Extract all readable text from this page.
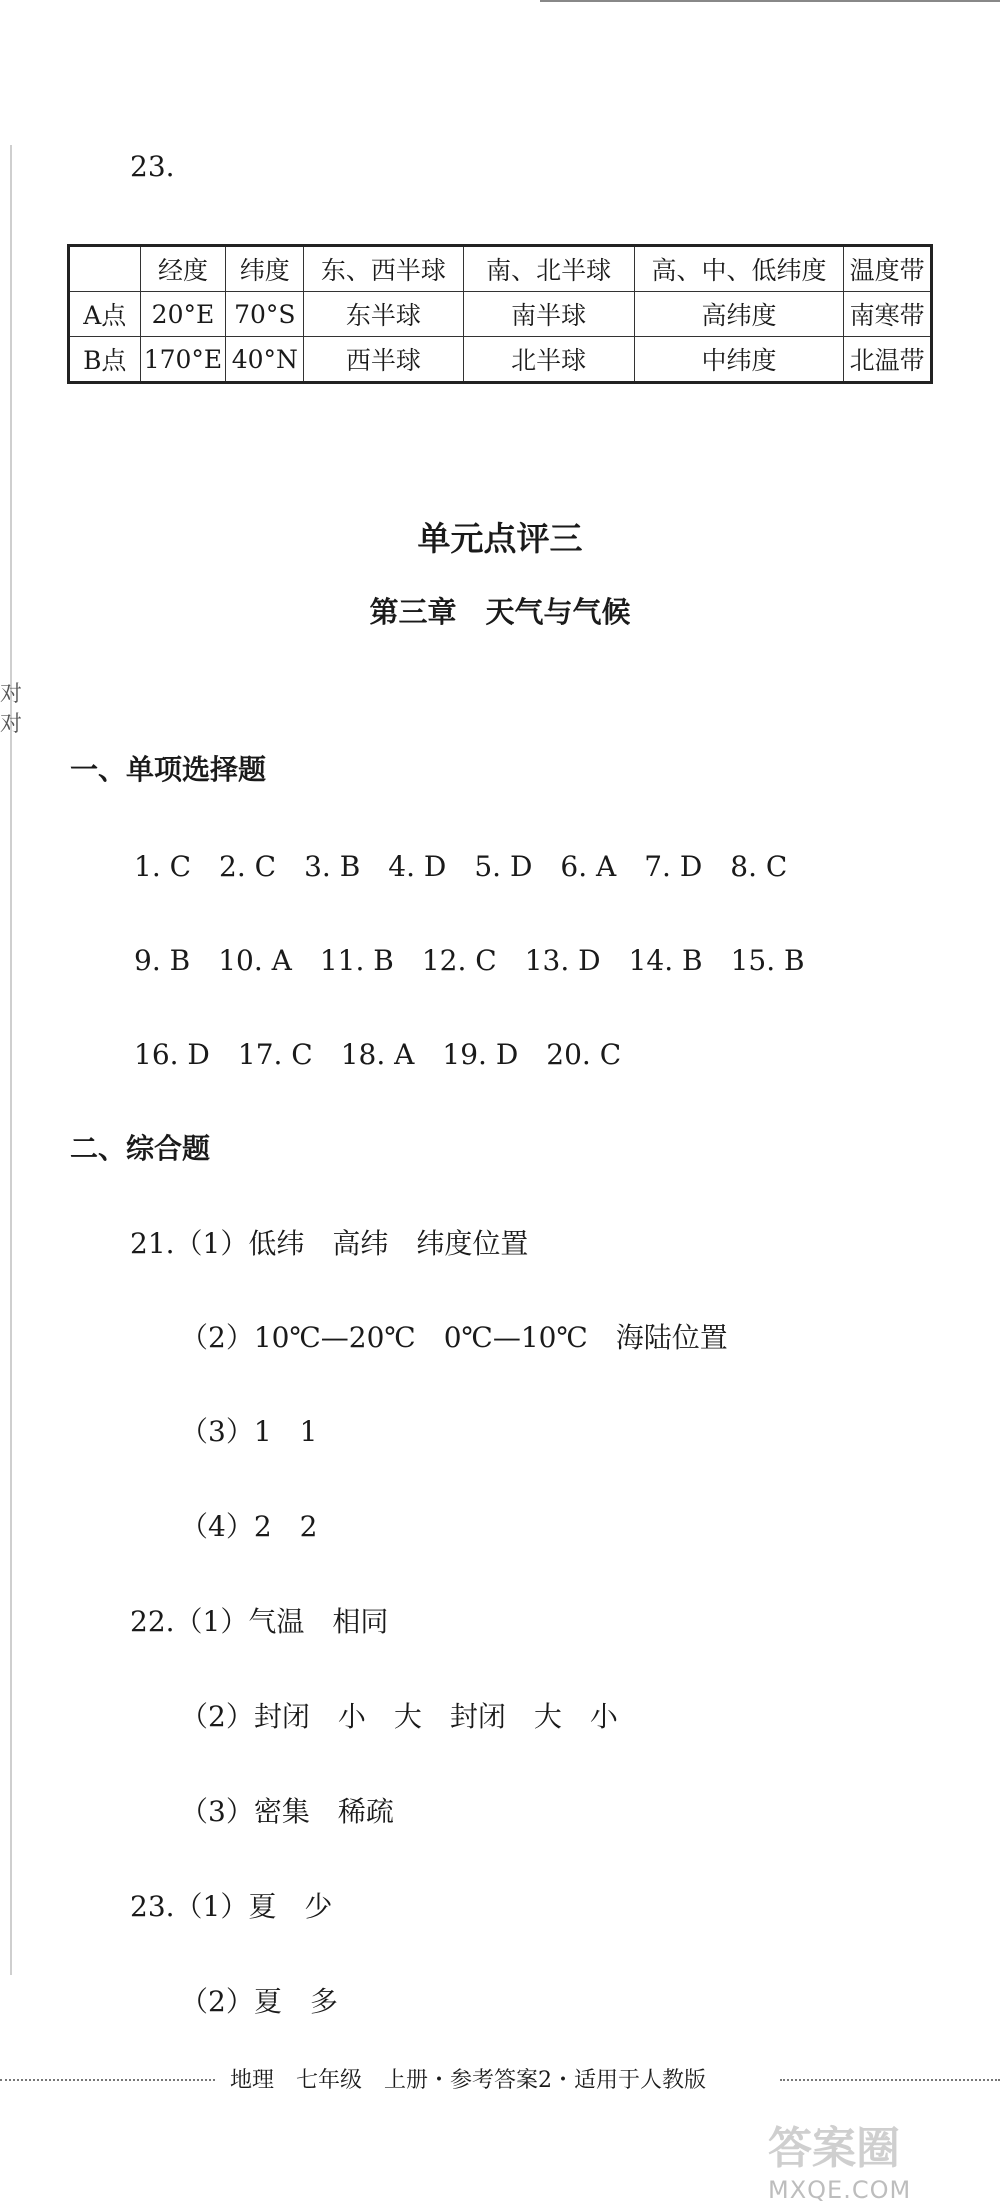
对
对
23.
	经度	纬度	东、西半球	南、北半球	高、中、低纬度	温度带
A点	20°E	70°S	东半球	南半球	高纬度	南寒带
B点	170°E	40°N	西半球	北半球	中纬度	北温带
单元点评三
第三章　天气与气候
一、单项选择题
1. C　2. C　3. B　4. D　5. D　6. A　7. D　8. C
9. B　10. A　11. B　12. C　13. D　14. B　15. B
16. D　17. C　18. A　19. D　20. C
二、综合题
21.（1）低纬　高纬　纬度位置
（2）10℃—20℃　0℃—10℃　海陆位置
（3）1　1
（4）2　2
22.（1）气温　相同
（2）封闭　小　大　封闭　大　小
（3）密集　稀疏
23.（1）夏　少
（2）夏　多
地理　七年级　上册・参考答案2・适用于人教版
答案圈
MXQE.COM
